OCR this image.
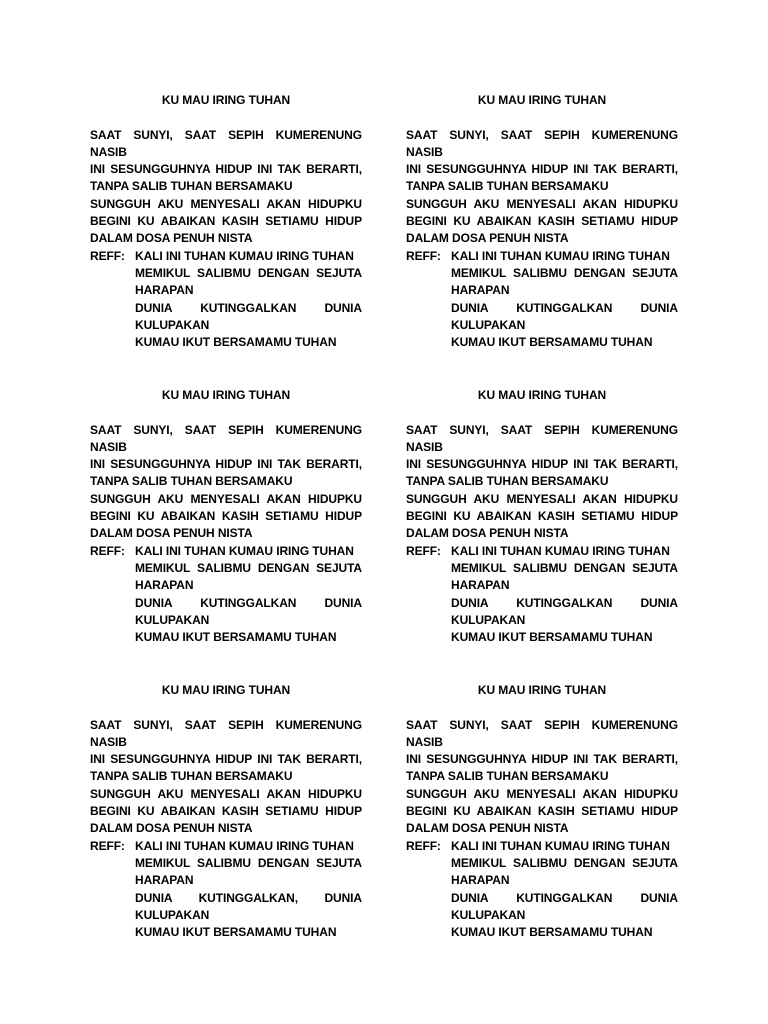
KU MAU IRING TUHAN

SAAT SUNYI, SAAT SEPIH KUMERENUNG NASIB
INI SESUNGGUHNYA HIDUP INI TAK BERARTI,
TANPA SALIB TUHAN BERSAMAKU
SUNGGUH AKU MENYESALI AKAN HIDUPKU
BEGINI KU ABAIKAN KASIH SETIAMU HIDUP
DALAM DOSA PENUH NISTA
REFF: KALI INI TUHAN KUMAU IRING TUHAN
MEMIKUL SALIBMU DENGAN SEJUTA
HARAPAN
DUNIA KUTINGGALKAN DUNIA
KULUPAKAN
KUMAU IKUT BERSAMAMU TUHAN

KU MAU IRING TUHAN

SAAT SUNYI, SAAT SEPIH KUMERENUNG NASIB
INI SESUNGGUHNYA HIDUP INI TAK BERARTI,
TANPA SALIB TUHAN BERSAMAKU
SUNGGUH AKU MENYESALI AKAN HIDUPKU
BEGINI KU ABAIKAN KASIH SETIAMU HIDUP
DALAM DOSA PENUH NISTA
REFF: KALI INI TUHAN KUMAU IRING TUHAN
MEMIKUL SALIBMU DENGAN SEJUTA
HARAPAN
DUNIA KUTINGGALKAN DUNIA
KULUPAKAN
KUMAU IKUT BERSAMAMU TUHAN

KU MAU IRING TUHAN

SAAT SUNYI, SAAT SEPIH KUMERENUNG NASIB
INI SESUNGGUHNYA HIDUP INI TAK BERARTI,
TANPA SALIB TUHAN BERSAMAKU
SUNGGUH AKU MENYESALI AKAN HIDUPKU
BEGINI KU ABAIKAN KASIH SETIAMU HIDUP
DALAM DOSA PENUH NISTA
REFF: KALI INI TUHAN KUMAU IRING TUHAN
MEMIKUL SALIBMU DENGAN SEJUTA
HARAPAN
DUNIA KUTINGGALKAN DUNIA
KULUPAKAN
KUMAU IKUT BERSAMAMU TUHAN

KU MAU IRING TUHAN

SAAT SUNYI, SAAT SEPIH KUMERENUNG NASIB
INI SESUNGGUHNYA HIDUP INI TAK BERARTI,
TANPA SALIB TUHAN BERSAMAKU
SUNGGUH AKU MENYESALI AKAN HIDUPKU
BEGINI KU ABAIKAN KASIH SETIAMU HIDUP
DALAM DOSA PENUH NISTA
REFF: KALI INI TUHAN KUMAU IRING TUHAN
MEMIKUL SALIBMU DENGAN SEJUTA
HARAPAN
DUNIA KUTINGGALKAN DUNIA
KULUPAKAN
KUMAU IKUT BERSAMAMU TUHAN

KU MAU IRING TUHAN

SAAT SUNYI, SAAT SEPIH KUMERENUNG NASIB
INI SESUNGGUHNYA HIDUP INI TAK BERARTI,
TANPA SALIB TUHAN BERSAMAKU
SUNGGUH AKU MENYESALI AKAN HIDUPKU
BEGINI KU ABAIKAN KASIH SETIAMU HIDUP
DALAM DOSA PENUH NISTA
REFF: KALI INI TUHAN KUMAU IRING TUHAN
MEMIKUL SALIBMU DENGAN SEJUTA
HARAPAN
DUNIA KUTINGGALKAN, DUNIA
KULUPAKAN
KUMAU IKUT BERSAMAMU TUHAN

KU MAU IRING TUHAN

SAAT SUNYI, SAAT SEPIH KUMERENUNG NASIB
INI SESUNGGUHNYA HIDUP INI TAK BERARTI,
TANPA SALIB TUHAN BERSAMAKU
SUNGGUH AKU MENYESALI AKAN HIDUPKU
BEGINI KU ABAIKAN KASIH SETIAMU HIDUP
DALAM DOSA PENUH NISTA
REFF: KALI INI TUHAN KUMAU IRING TUHAN
MEMIKUL SALIBMU DENGAN SEJUTA
HARAPAN
DUNIA KUTINGGALKAN DUNIA
KULUPAKAN
KUMAU IKUT BERSAMAMU TUHAN
